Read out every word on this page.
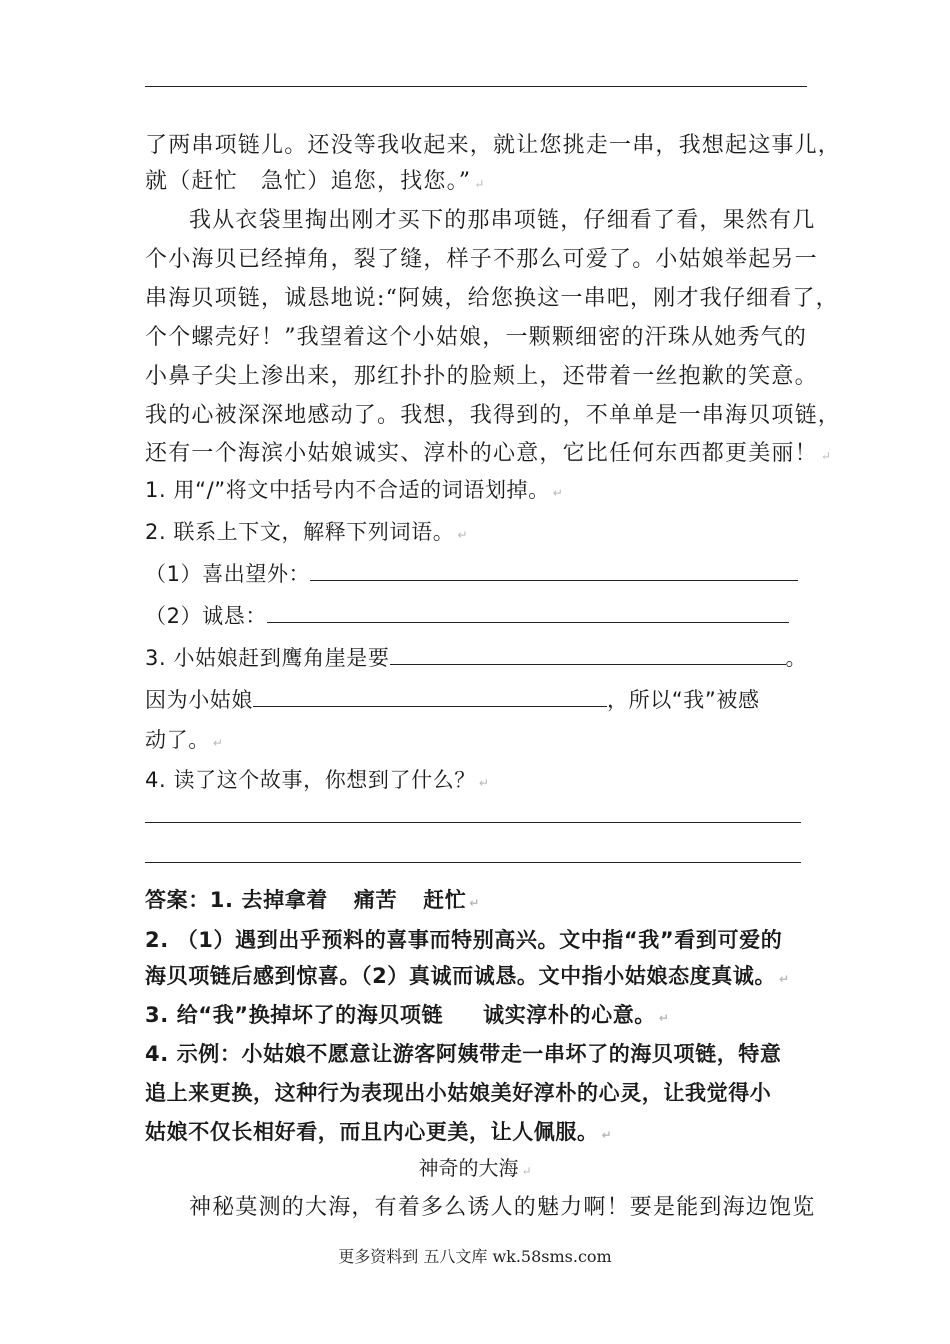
了两串项链儿。还没等我收起来，就让您挑走一串，我想起这事儿，
就（赶忙　急忙）追您，找您。” ↵
我从衣袋里掏出刚才买下的那串项链，仔细看了看，果然有几
个小海贝已经掉角，裂了缝，样子不那么可爱了。小姑娘举起另一
串海贝项链，诚恳地说:“阿姨，给您换这一串吧，刚才我仔细看了，
个个螺壳好！”我望着这个小姑娘，一颗颗细密的汗珠从她秀气的
小鼻子尖上渗出来，那红扑扑的脸颊上，还带着一丝抱歉的笑意。
我的心被深深地感动了。我想，我得到的，不单单是一串海贝项链，
还有一个海滨小姑娘诚实、淳朴的心意，它比任何东西都更美丽！ ↵
1. 用“/”将文中括号内不合适的词语划掉。 ↵
2. 联系上下文，解释下列词语。 ↵
（1）喜出望外：
（2）诚恳：
3. 小姑娘赶到鹰角崖是要	。
因为小姑娘	，所以“我”被感
动了。 ↵
4. 读了这个故事，你想到了什么？ ↵
答案：1. 去掉拿着 痛苦 赶忙 ↵
2. （1）遇到出乎预料的喜事而特别高兴。文中指“我”看到可爱的
海贝项链后感到惊喜。（2）真诚而诚恳。文中指小姑娘态度真诚。 ↵
3. 给“我”换掉坏了的海贝项链 诚实淳朴的心意。 ↵
4. 示例：小姑娘不愿意让游客阿姨带走一串坏了的海贝项链，特意
追上来更换，这种行为表现出小姑娘美好淳朴的心灵，让我觉得小
姑娘不仅长相好看，而且内心更美，让人佩服。 ↵
神奇的大海 ↵
神秘莫测的大海，有着多么诱人的魅力啊！要是能到海边饱览
更多资料到 五八文库 wk.58sms.com
